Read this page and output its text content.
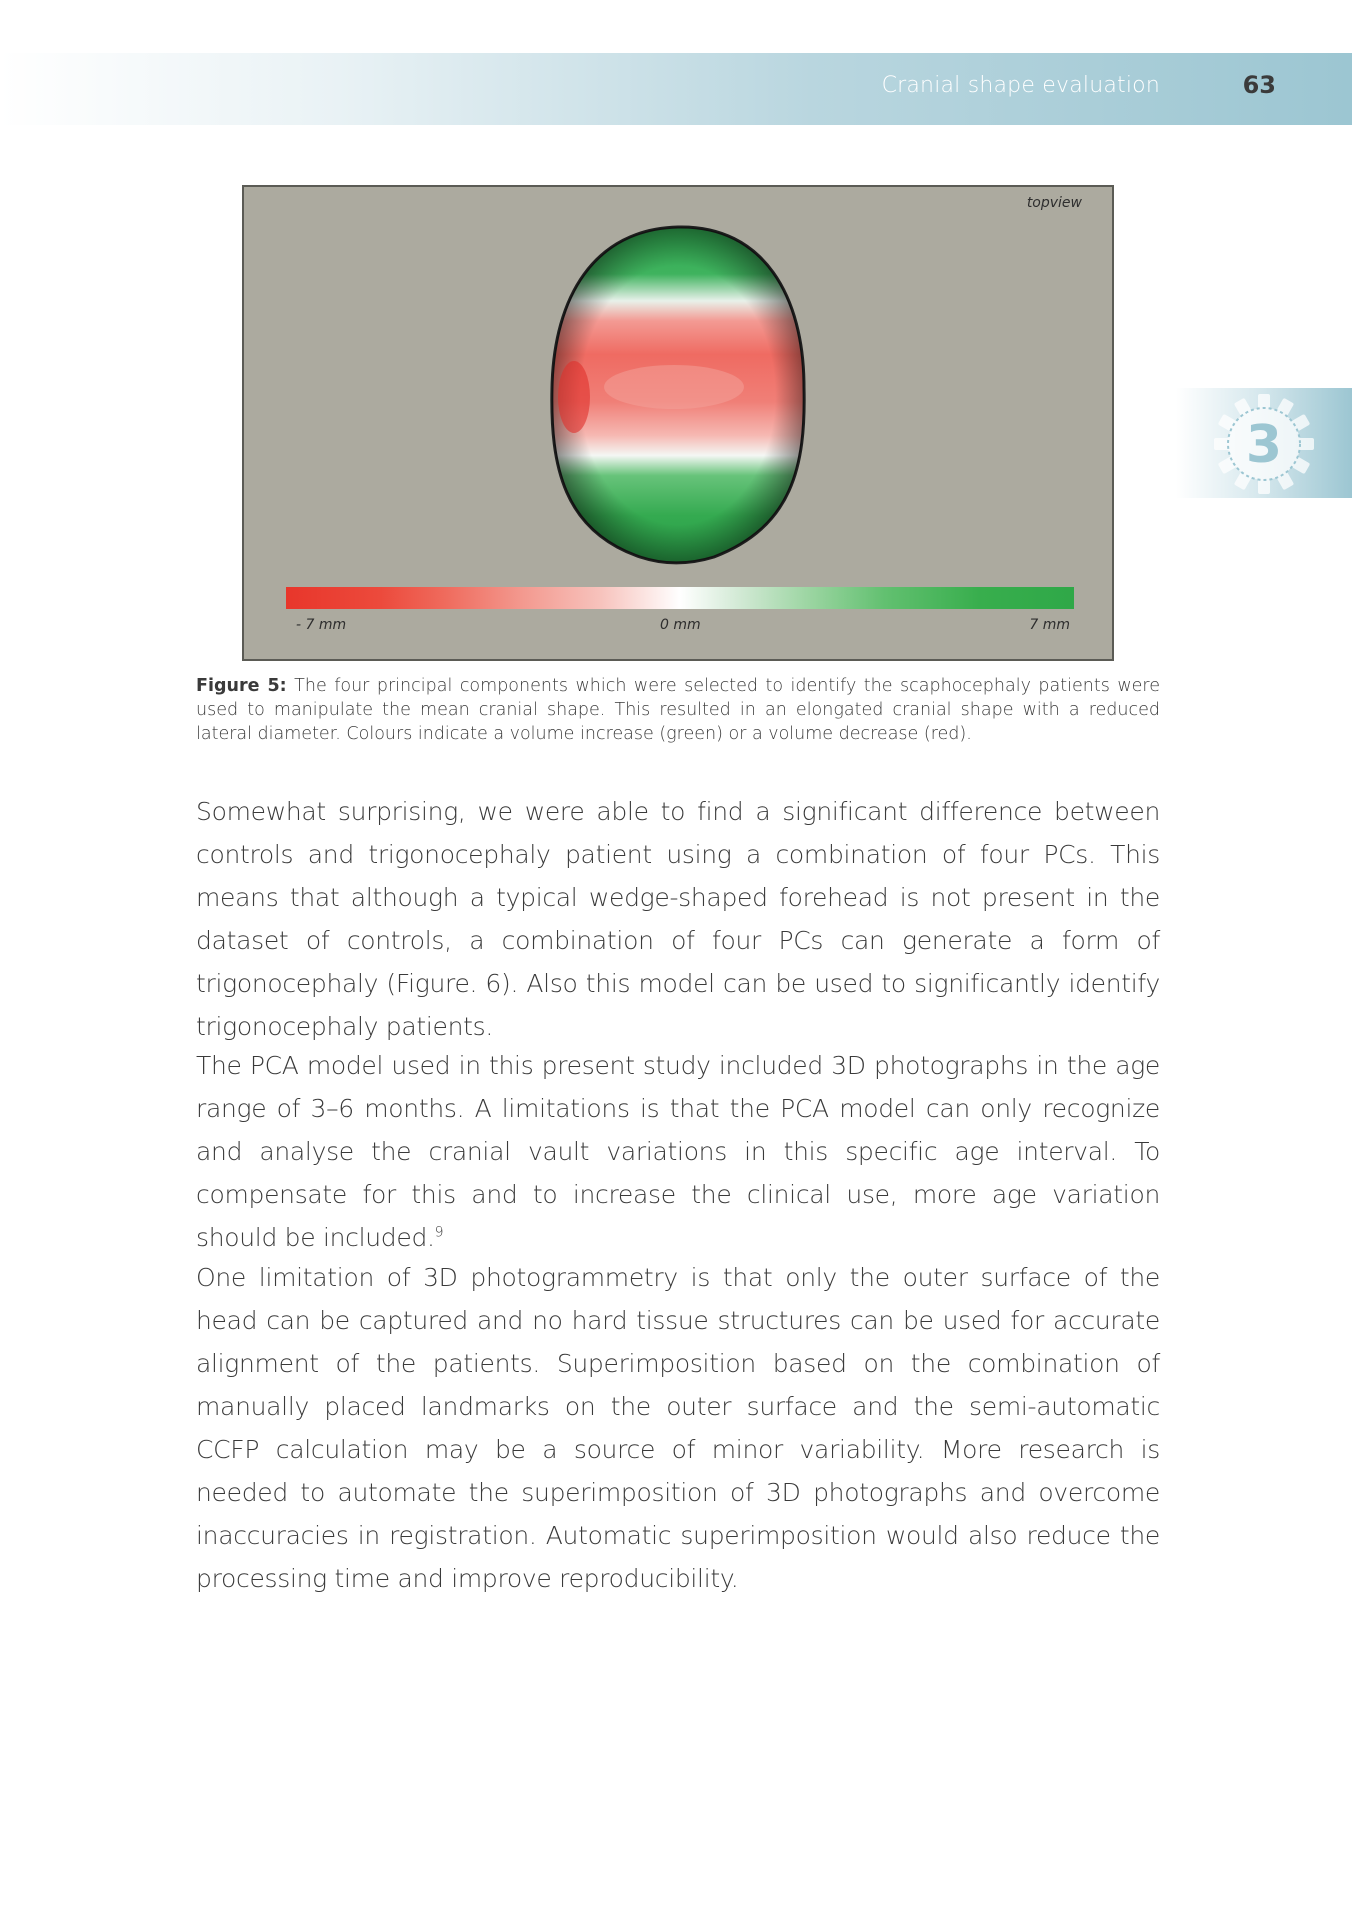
Cranial shape evaluation	63
3
topview
- 7 mm	0 mm	7 mm
Figure 5: The four principal components which were selected to identify the scaphocephaly patients were used to manipulate the mean cranial shape. This resulted in an elongated cranial shape with a reduced lateral diameter. Colours indicate a volume increase (green) or a volume decrease (red).
Somewhat surprising, we were able to find a significant difference between controls and trigonocephaly patient using a combination of four PCs. This means that although a typical wedge-shaped forehead is not present in the dataset of controls, a combination of four PCs can generate a form of trigonocephaly (Figure. 6). Also this model can be used to significantly identify trigonocephaly patients.
The PCA model used in this present study included 3D photographs in the age range of 3–6 months. A limitations is that the PCA model can only recognize and analyse the cranial vault variations in this specific age interval. To compensate for this and to increase the clinical use, more age variation should be included.$^9$
One limitation of 3D photogrammetry is that only the outer surface of the head can be captured and no hard tissue structures can be used for accurate alignment of the patients. Superimposition based on the combination of manually placed landmarks on the outer surface and the semi-automatic CCFP calculation may be a source of minor variability. More research is needed to automate the superimposition of 3D photographs and overcome inaccuracies in registration. Automatic superimposition would also reduce the processing time and improve reproducibility.
